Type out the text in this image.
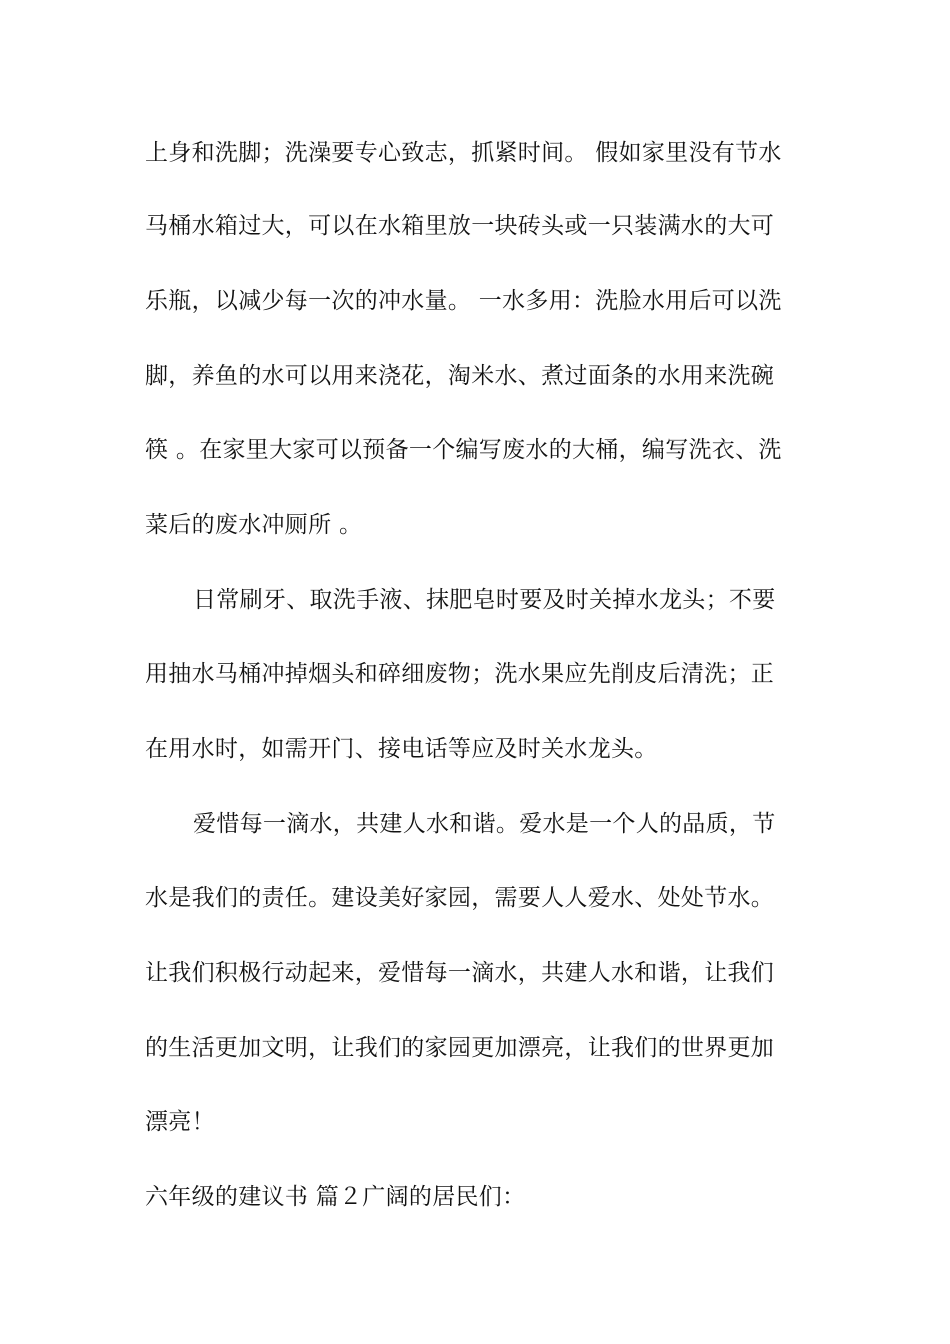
上身和洗脚；洗澡要专心致志，抓紧时间。 假如家里没有节水
马桶水箱过大，可以在水箱里放一块砖头或一只装满水的大可
乐瓶，以减少每一次的冲水量。 一水多用：洗脸水用后可以洗
脚，养鱼的水可以用来浇花，淘米水、煮过面条的水用来洗碗
筷 。在家里大家可以预备一个编写废水的大桶，编写洗衣、洗
菜后的废水冲厕所 。
日常刷牙、取洗手液、抹肥皂时要及时关掉水龙头；不要
用抽水马桶冲掉烟头和碎细废物；洗水果应先削皮后清洗；正
在用水时，如需开门、接电话等应及时关水龙头。
爱惜每一滴水，共建人水和谐。爱水是一个人的品质，节
水是我们的责任。建设美好家园，需要人人爱水、处处节水。
让我们积极行动起来，爱惜每一滴水，共建人水和谐，让我们
的生活更加文明，让我们的家园更加漂亮，让我们的世界更加
漂亮！
六年级的建议书 篇２广阔的居民们：
